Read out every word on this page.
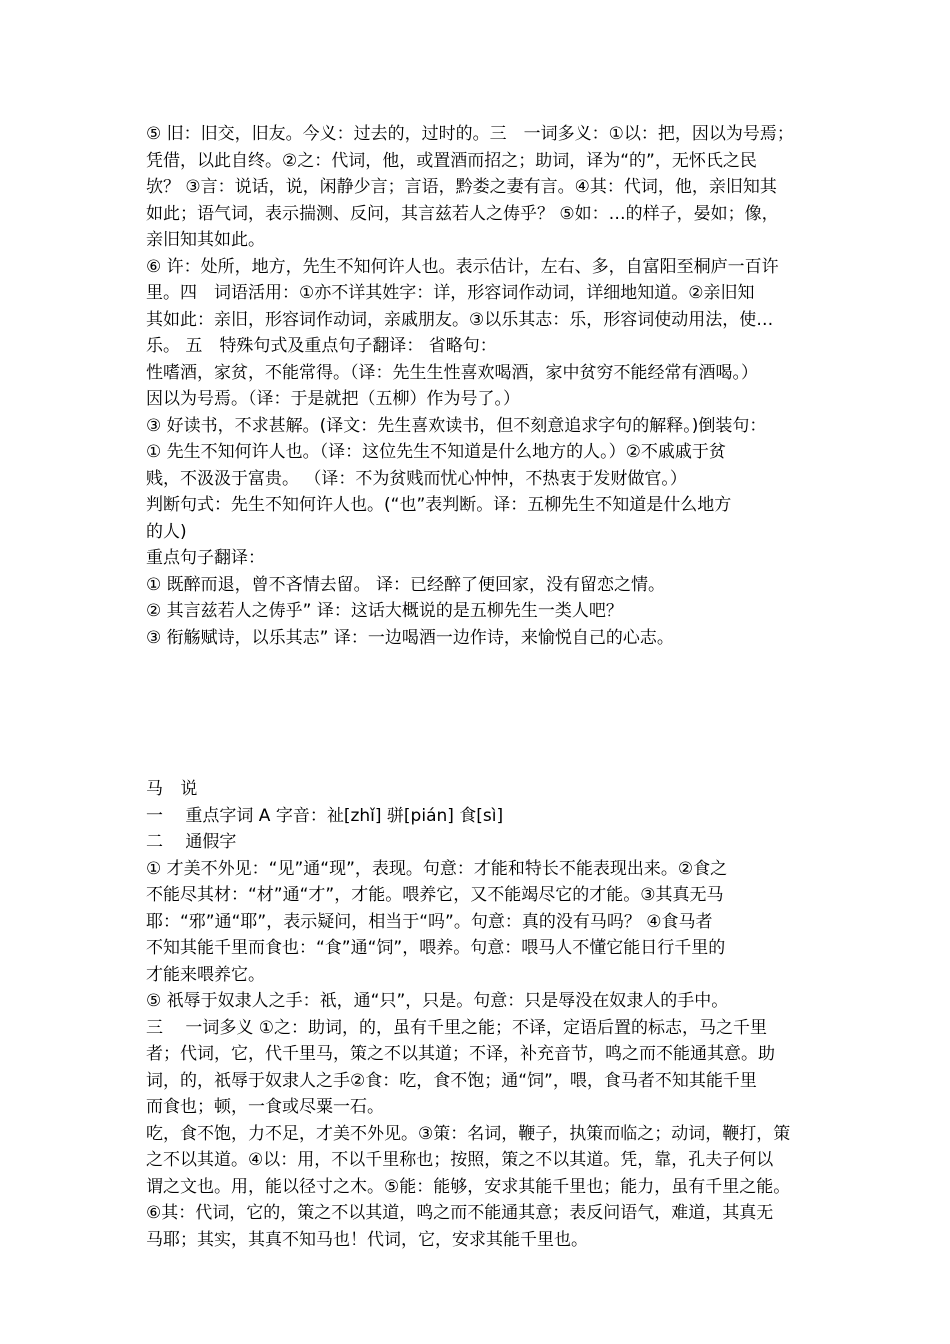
⑤ 旧：旧交，旧友。今义：过去的，过时的。三　一词多义：①以：把，因以为号焉；

凭借，以此自终。②之：代词，他，或置酒而招之；助词，译为“的”，无怀氏之民

欤？ ③言：说话，说，闲静少言；言语，黔娄之妻有言。④其：代词，他，亲旧知其

如此；语气词，表示揣测、反问，其言兹若人之俦乎？ ⑤如：…的样子，晏如；像，

亲旧知其如此。

⑥ 许：处所，地方，先生不知何许人也。表示估计，左右、多，自富阳至桐庐一百许

里。四　词语活用：①亦不详其姓字：详，形容词作动词，详细地知道。②亲旧知

其如此：亲旧，形容词作动词，亲戚朋友。③以乐其志：乐，形容词使动用法，使…

乐。 五　特殊句式及重点句子翻译： 省略句：

性嗜酒，家贫，不能常得。（译：先生生性喜欢喝酒，家中贫穷不能经常有酒喝。）

因以为号焉。（译：于是就把（五柳）作为号了。）

③ 好读书，不求甚解。(译文：先生喜欢读书，但不刻意追求字句的解释。)倒装句：

① 先生不知何许人也。（译：这位先生不知道是什么地方的人。）②不戚戚于贫

贱，不汲汲于富贵。 （译：不为贫贱而忧心忡忡，不热衷于发财做官。）

判断句式：先生不知何许人也。(“也”表判断。译：五柳先生不知道是什么地方

的人)

重点句子翻译：

① 既醉而退，曾不吝情去留。 译：已经醉了便回家，没有留恋之情。

② 其言兹若人之俦乎” 译：这话大概说的是五柳先生一类人吧？

③ 衔觞赋诗，以乐其志” 译：一边喝酒一边作诗，来愉悦自己的心志。

马 说

一　 重点字词 A 字音：祉[zhǐ] 骈[pián] 食[sì]

二　 通假字

① 才美不外见：“见”通“现”，表现。句意：才能和特长不能表现出来。②食之

不能尽其材：“材”通“才”，才能。喂养它，又不能竭尽它的才能。③其真无马

耶：“邪”通“耶”，表示疑问，相当于“吗”。句意：真的没有马吗？ ④食马者

不知其能千里而食也：“食”通“饲”，喂养。句意：喂马人不懂它能日行千里的

才能来喂养它。

⑤ 祇辱于奴隶人之手：祇，通“只”，只是。句意：只是辱没在奴隶人的手中。

三　 一词多义 ①之：助词，的，虽有千里之能；不译，定语后置的标志，马之千里

者；代词，它，代千里马，策之不以其道；不译，补充音节，鸣之而不能通其意。助

词，的，祇辱于奴隶人之手②食：吃，食不饱；通“饲”，喂，食马者不知其能千里

而食也；顿，一食或尽粟一石。

吃，食不饱，力不足，才美不外见。③策：名词，鞭子，执策而临之；动词，鞭打，策

之不以其道。④以：用，不以千里称也；按照，策之不以其道。凭，靠，孔夫子何以

谓之文也。用，能以径寸之木。⑤能：能够，安求其能千里也；能力，虽有千里之能。

⑥其：代词，它的，策之不以其道，鸣之而不能通其意；表反问语气，难道，其真无

马耶；其实，其真不知马也！代词，它，安求其能千里也。
